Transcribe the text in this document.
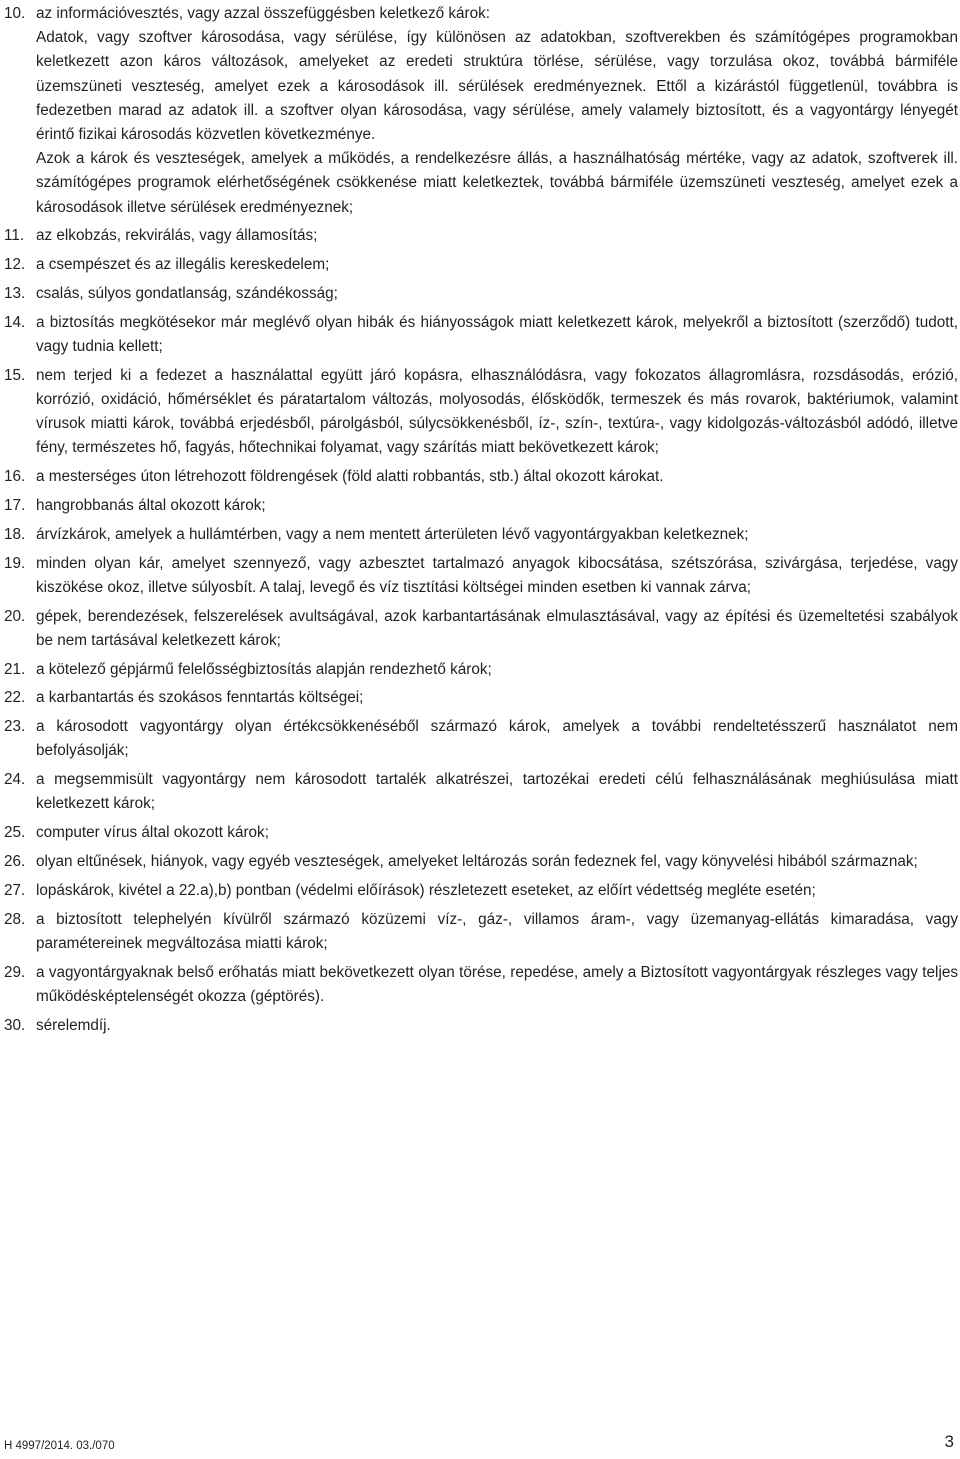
10. az információvesztés, vagy azzal összefüggésben keletkező károk:

Adatok, vagy szoftver károsodása, vagy sérülése, így különösen az adatokban, szoftverekben és számítógépes programokban keletkezett azon káros változások, amelyeket az eredeti struktúra törlése, sérülése, vagy torzulása okoz, továbbá bármiféle üzemszüneti veszteség, amelyet ezek a károsodások ill. sérülések eredményeznek. Ettől a kizárástól függetlenül, továbbra is fedezetben marad az adatok ill. a szoftver olyan károsodása, vagy sérülése, amely valamely biztosított, és a vagyontárgy lényegét érintő fizikai károsodás közvetlen következménye.

Azok a károk és veszteségek, amelyek a működés, a rendelkezésre állás, a használhatóság mértéke, vagy az adatok, szoftverek ill. számítógépes programok elérhetőségének csökkenése miatt keletkeztek, továbbá bármiféle üzemszüneti veszteség, amelyet ezek a károsodások illetve sérülések eredményeznek;

11. az elkobzás, rekvirálás, vagy államosítás;

12. a csempészet és az illegális kereskedelem;

13. csalás, súlyos gondatlanság, szándékosság;

14. a biztosítás megkötésekor már meglévő olyan hibák és hiányosságok miatt keletkezett károk, melyekről a biztosított (szerződő) tudott, vagy tudnia kellett;

15. nem terjed ki a fedezet a használattal együtt járó kopásra, elhasználódásra, vagy fokozatos állagromlásra, rozsdásodás, erózió, korrózió, oxidáció, hőmérséklet és páratartalom változás, molyosodás, élősködők, termeszek és más rovarok, baktériumok, valamint vírusok miatti károk, továbbá erjedésből, párolgásból, súlycsökkenésből, íz-, szín-, textúra-, vagy kidolgozás-változásból adódó, illetve fény, természetes hő, fagyás, hőtechnikai folyamat, vagy szárítás miatt bekövetkezett károk;

16. a mesterséges úton létrehozott földrengések (föld alatti robbantás, stb.) által okozott károkat.

17. hangrobbanás által okozott károk;

18. árvízkárok, amelyek a hullámtérben, vagy a nem mentett árterületen lévő vagyontárgyakban keletkeznek;

19. minden olyan kár, amelyet szennyező, vagy azbesztet tartalmazó anyagok kibocsátása, szétszórása, szivárgása, terjedése, vagy kiszökése okoz, illetve súlyosbít. A talaj, levegő és víz tisztítási költségei minden esetben ki vannak zárva;

20. gépek, berendezések, felszerelések avultságával, azok karbantartásának elmulasztásával, vagy az építési és üzemeltetési szabályok be nem tartásával keletkezett károk;

21. a kötelező gépjármű felelősségbiztosítás alapján rendezhető károk;

22. a karbantartás és szokásos fenntartás költségei;

23. a károsodott vagyontárgy olyan értékcsökkenéséből származó károk, amelyek a további rendeltetésszerű használatot nem befolyásolják;

24. a megsemmisült vagyontárgy nem károsodott tartalék alkatrészei, tartozékai eredeti célú felhasználásának meghiúsulása miatt keletkezett károk;

25. computer vírus által okozott károk;

26. olyan eltűnések, hiányok, vagy egyéb veszteségek, amelyeket leltározás során fedeznek fel, vagy könyvelési hibából származnak;

27. lopáskárok, kivétel a 22.a),b) pontban (védelmi előírások) részletezett eseteket, az előírt védettség megléte esetén;

28. a biztosított telephelyén kívülről származó közüzemi víz-, gáz-, villamos áram-, vagy üzemanyag-ellátás kimaradása, vagy paramétereinek megváltozása miatti károk;

29. a vagyontárgyaknak belső erőhatás miatt bekövetkezett olyan törése, repedése, amely a Biztosított vagyontárgyak részleges vagy teljes működésképtelenségét okozza (géptörés).

30. sérelemdíj.

H 4997/2014. 03./070	3
